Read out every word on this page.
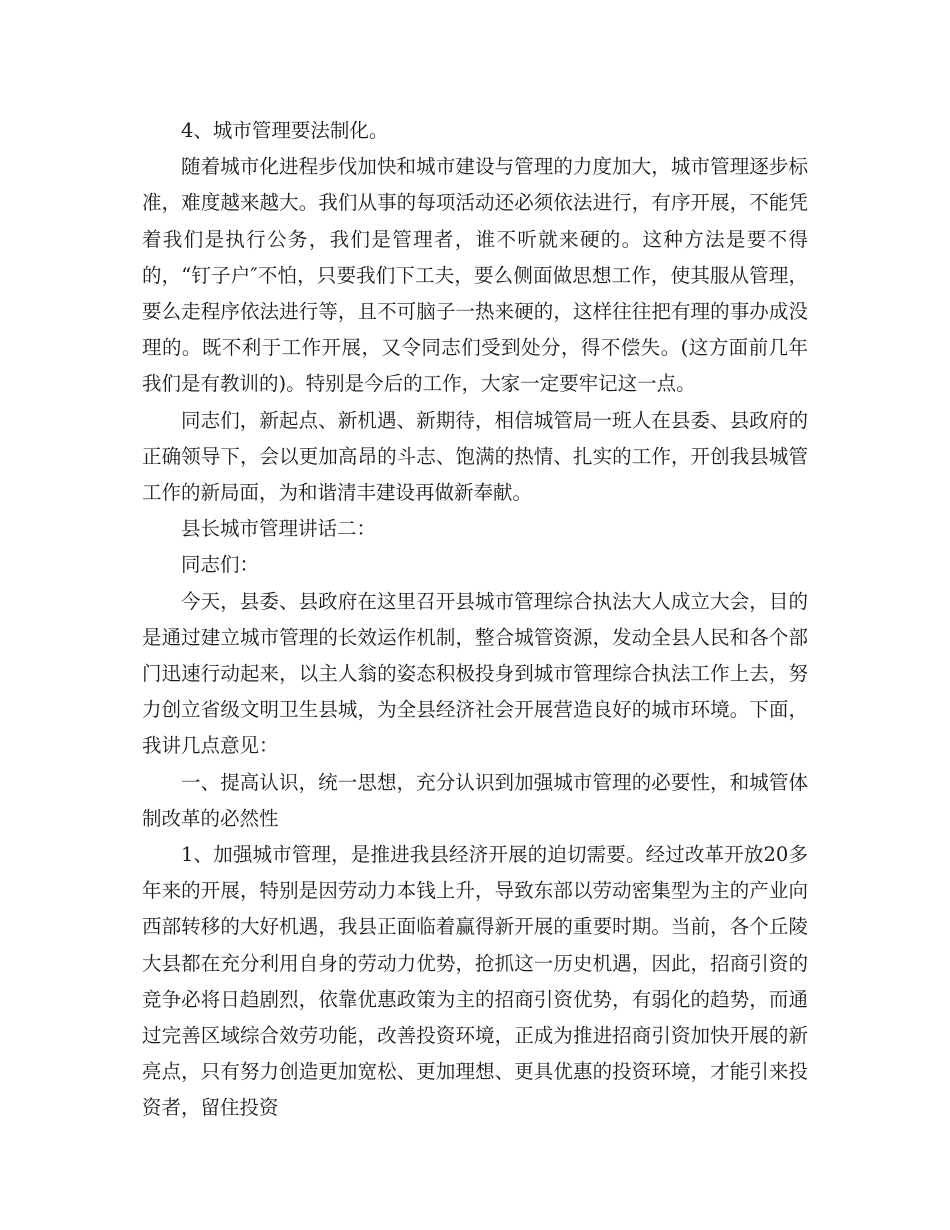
4、城市管理要法制化。

随着城市化进程步伐加快和城市建设与管理的力度加大，城市管理逐步标准，难度越来越大。我们从事的每项活动还必须依法进行，有序开展，不能凭着我们是执行公务，我们是管理者，谁不听就来硬的。这种方法是要不得的，“钉子户″不怕，只要我们下工夫，要么侧面做思想工作，使其服从管理，要么走程序依法进行等，且不可脑子一热来硬的，这样往往把有理的事办成没理的。既不利于工作开展，又令同志们受到处分，得不偿失。(这方面前几年我们是有教训的)。特别是今后的工作，大家一定要牢记这一点。

同志们，新起点、新机遇、新期待，相信城管局一班人在县委、县政府的正确领导下，会以更加高昂的斗志、饱满的热情、扎实的工作，开创我县城管工作的新局面，为和谐清丰建设再做新奉献。

县长城市管理讲话二：

同志们：

今天，县委、县政府在这里召开县城市管理综合执法大人成立大会，目的是通过建立城市管理的长效运作机制，整合城管资源，发动全县人民和各个部门迅速行动起来，以主人翁的姿态积极投身到城市管理综合执法工作上去，努力创立省级文明卫生县城，为全县经济社会开展营造良好的城市环境。下面，我讲几点意见：

一、提高认识，统一思想，充分认识到加强城市管理的必要性，和城管体制改革的必然性

1、加强城市管理，是推进我县经济开展的迫切需要。经过改革开放20多年来的开展，特别是因劳动力本钱上升，导致东部以劳动密集型为主的产业向西部转移的大好机遇，我县正面临着赢得新开展的重要时期。当前，各个丘陵大县都在充分利用自身的劳动力优势，抢抓这一历史机遇，因此，招商引资的竞争必将日趋剧烈，依靠优惠政策为主的招商引资优势，有弱化的趋势，而通过完善区域综合效劳功能，改善投资环境，正成为推进招商引资加快开展的新亮点，只有努力创造更加宽松、更加理想、更具优惠的投资环境，才能引来投资者，留住投资
